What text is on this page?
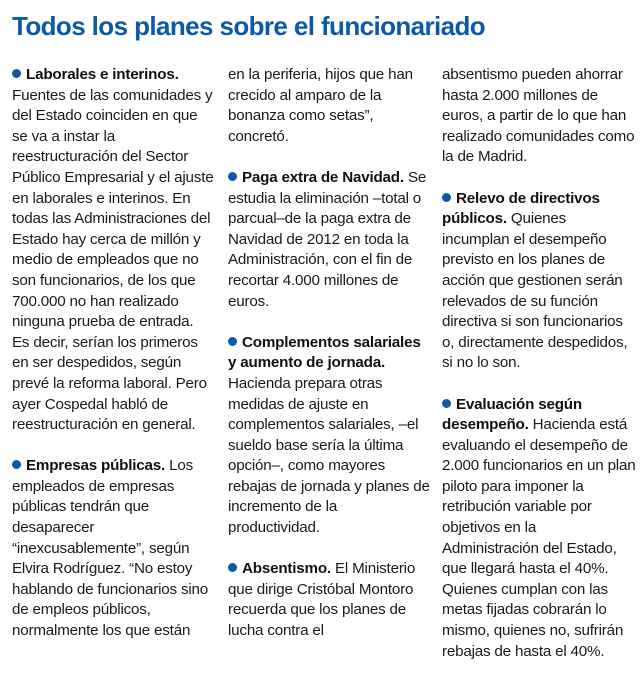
Todos los planes sobre el funcionariado

Laborales e interinos. Fuentes de las comunidades y del Estado coinciden en que se va a instar la reestructuración del Sector Público Empresarial y el ajuste en laborales e interinos. En todas las Administraciones del Estado hay cerca de millón y medio de empleados que no son funcionarios, de los que 700.000 no han realizado ninguna prueba de entrada. Es decir, serían los primeros en ser despedidos, según prevé la reforma laboral. Pero ayer Cospedal habló de reestructuración en general.

Empresas públicas. Los empleados de empresas públicas tendrán que desaparecer “inexcusablemente”, según Elvira Rodríguez. “No estoy hablando de funcionarios sino de empleos públicos, normalmente los que están

en la periferia, hijos que han crecido al amparo de la bonanza como setas”, concretó.

Paga extra de Navidad. Se estudia la eliminación –total o parcual–de la paga extra de Navidad de 2012 en toda la Administración, con el fin de recortar 4.000 millones de euros.

Complementos salariales y aumento de jornada. Hacienda prepara otras medidas de ajuste en complementos salariales, –el sueldo base sería la última opción–, como mayores rebajas de jornada y planes de incremento de la productividad.

Absentismo. El Ministerio que dirige Cristóbal Montoro recuerda que los planes de lucha contra el

absentismo pueden ahorrar hasta 2.000 millones de euros, a partir de lo que han realizado comunidades como la de Madrid.

Relevo de directivos públicos. Quienes incumplan el desempeño previsto en los planes de acción que gestionen serán relevados de su función directiva si son funcionarios o, directamente despedidos, si no lo son.

Evaluación según desempeño. Hacienda está evaluando el desempeño de 2.000 funcionarios en un plan piloto para imponer la retribución variable por objetivos en la Administración del Estado, que llegará hasta el 40%. Quienes cumplan con las metas fijadas cobrarán lo mismo, quienes no, sufrirán rebajas de hasta el 40%.
